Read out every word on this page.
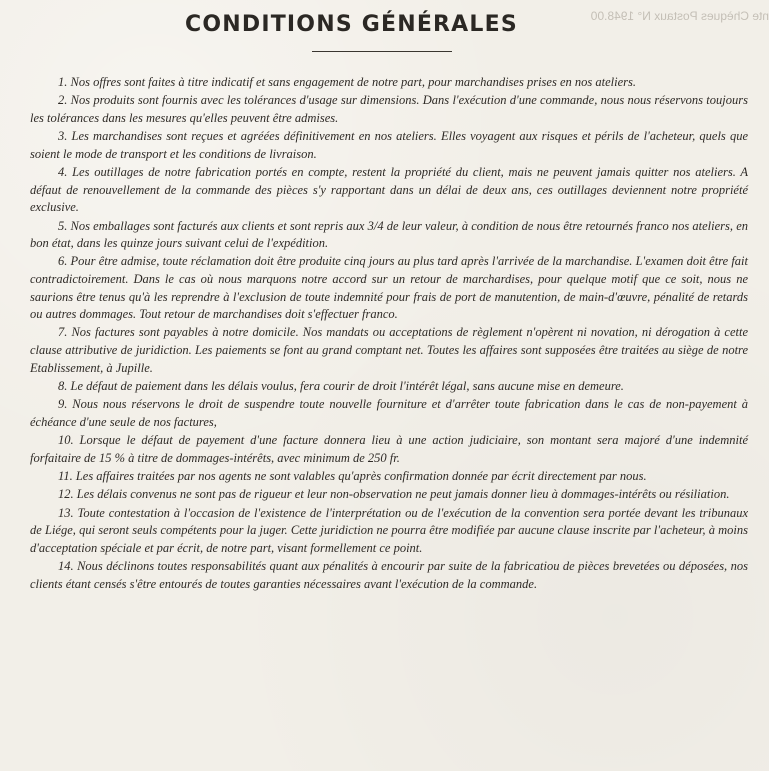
CONDITIONS GÉNÉRALES	nte Chèques Postaux N° 1948.00

1. Nos offres sont faites à titre indicatif et sans engagement de notre part, pour marchandises prises en nos ateliers.

2. Nos produits sont fournis avec les tolérances d'usage sur dimensions. Dans l'exécution d'une commande, nous nous réservons toujours les tolérances dans les mesures qu'elles peuvent être admises.

3. Les marchandises sont reçues et agréées définitivement en nos ateliers. Elles voyagent aux risques et périls de l'acheteur, quels que soient le mode de transport et les conditions de livraison.

4. Les outillages de notre fabrication portés en compte, restent la propriété du client, mais ne peuvent jamais quitter nos ateliers. A défaut de renouvellement de la commande des pièces s'y rapportant dans un délai de deux ans, ces outillages deviennent notre propriété exclusive.

5. Nos emballages sont facturés aux clients et sont repris aux 3/4 de leur valeur, à condition de nous être retournés franco nos ateliers, en bon état, dans les quinze jours suivant celui de l'expédition.

6. Pour être admise, toute réclamation doit être produite cinq jours au plus tard après l'arrivée de la marchandise. L'examen doit être fait contradictoirement. Dans le cas où nous marquons notre accord sur un retour de marchardises, pour quelque motif que ce soit, nous ne saurions être tenus qu'à les reprendre à l'exclusion de toute indemnité pour frais de port de manutention, de main-d'œuvre, pénalité de retards ou autres dommages. Tout retour de marchandises doit s'effectuer franco.

7. Nos factures sont payables à notre domicile. Nos mandats ou acceptations de règlement n'opèrent ni novation, ni dérogation à cette clause attributive de juridiction. Les paiements se font au grand comptant net. Toutes les affaires sont supposées être traitées au siège de notre Etablissement, à Jupille.

8. Le défaut de paiement dans les délais voulus, fera courir de droit l'intérêt légal, sans aucune mise en demeure.

9. Nous nous réservons le droit de suspendre toute nouvelle fourniture et d'arrêter toute fabrication dans le cas de non-payement à échéance d'une seule de nos factures,

10. Lorsque le défaut de payement d'une facture donnera lieu à une action judiciaire, son montant sera majoré d'une indemnité forfaitaire de 15 % à titre de dommages-intérêts, avec minimum de 250 fr.

11. Les affaires traitées par nos agents ne sont valables qu'après confirmation donnée par écrit directement par nous.

12. Les délais convenus ne sont pas de rigueur et leur non-observation ne peut jamais donner lieu à dommages-intérêts ou résiliation.

13. Toute contestation à l'occasion de l'existence de l'interprétation ou de l'exécution de la convention sera portée devant les tribunaux de Liége, qui seront seuls compétents pour la juger. Cette juridiction ne pourra être modifiée par aucune clause inscrite par l'acheteur, à moins d'acceptation spéciale et par écrit, de notre part, visant formellement ce point.

14. Nous déclinons toutes responsabilités quant aux pénalités à encourir par suite de la fabricatiou de pièces brevetées ou déposées, nos clients étant censés s'être entourés de toutes garanties nécessaires avant l'exécution de la commande.
